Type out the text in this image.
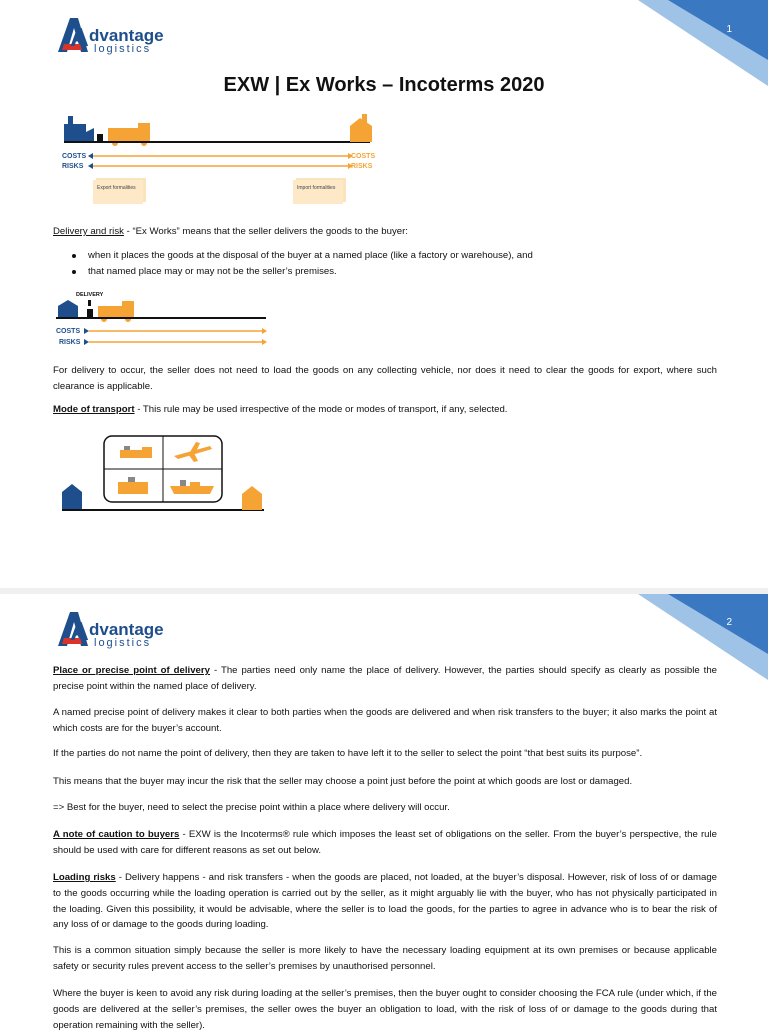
A dvantage
logistics
1
EXW | Ex Works – Incoterms 2020
COSTS
RISKS
COSTS
RISKS
Export formalities	Import formalities
Delivery and risk - “Ex Works” means that the seller delivers the goods to the buyer:
when it places the goods at the disposal of the buyer at a named place (like a factory or warehouse), and
that named place may or may not be the seller’s premises.
DELIVERY
COSTS
RISKS
For delivery to occur, the seller does not need to load the goods on any collecting vehicle, nor does it need to clear the goods for export, where such clearance is applicable.
Mode of transport - This rule may be used irrespective of the mode or modes of transport, if any, selected.
A dvantage
logistics
2
Place or precise point of delivery - The parties need only name the place of delivery. However, the parties should specify as clearly as possible the precise point within the named place of delivery.
A named precise point of delivery makes it clear to both parties when the goods are delivered and when risk transfers to the buyer; it also marks the point at which costs are for the buyer’s account.
If the parties do not name the point of delivery, then they are taken to have left it to the seller to select the point “that best suits its purpose”.
This means that the buyer may incur the risk that the seller may choose a point just before the point at which goods are lost or damaged.
=> Best for the buyer, need to select the precise point within a place where delivery will occur.
A note of caution to buyers - EXW is the Incoterms® rule which imposes the least set of obligations on the seller. From the buyer’s perspective, the rule should be used with care for different reasons as set out below.
Loading risks - Delivery happens - and risk transfers - when the goods are placed, not loaded, at the buyer’s disposal. However, risk of loss of or damage to the goods occurring while the loading operation is carried out by the seller, as it might arguably lie with the buyer, who has not physically participated in the loading. Given this possibility, it would be advisable, where the seller is to load the goods, for the parties to agree in advance who is to bear the risk of any loss of or damage to the goods during loading.
This is a common situation simply because the seller is more likely to have the necessary loading equipment at its own premises or because applicable safety or security rules prevent access to the seller’s premises by unauthorised personnel.
Where the buyer is keen to avoid any risk during loading at the seller’s premises, then the buyer ought to consider choosing the FCA rule (under which, if the goods are delivered at the seller’s premises, the seller owes the buyer an obligation to load, with the risk of loss of or damage to the goods during that operation remaining with the seller).
